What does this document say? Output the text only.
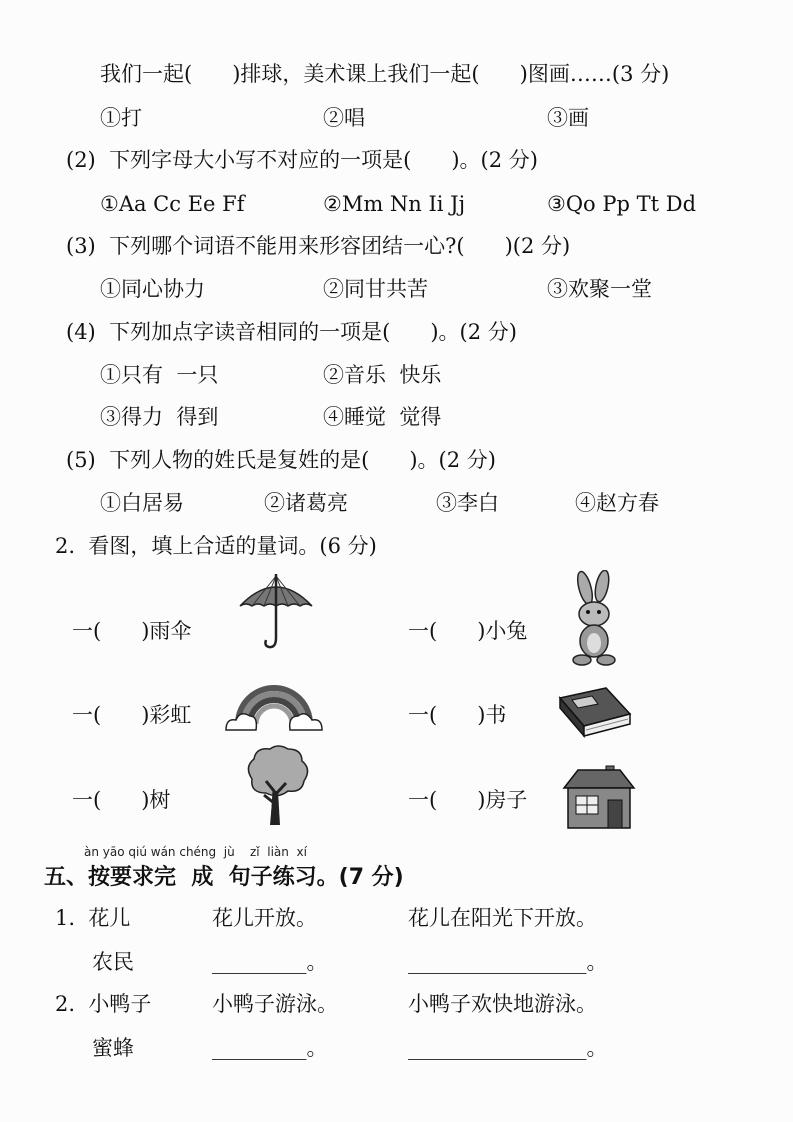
我们一起(      )排球，美术课上我们一起(      )图画……(3 分)
①打	②唱	③画
(2)  下列字母大小写不对应的一项是(      )。(2 分)
①Aa Cc Ee Ff	②Mm Nn Ii Jj	③Qo Pp Tt Dd
(3)  下列哪个词语不能用来形容团结一心?(      )(2 分)
①同心协力	②同甘共苦	③欢聚一堂
(4)  下列加点字读音相同的一项是(      )。(2 分)
①只有  一只	②音乐  快乐
③得力  得到	④睡觉  觉得
(5)  下列人物的姓氏是复姓的是(      )。(2 分)
①白居易	②诸葛亮	③李白	④赵方春
2.  看图，填上合适的量词。(6 分)
一(      )雨伞	一(      )小兔
一(      )彩虹	一(      )书
一(      )树	一(      )房子
àn yāo qiú wán chéng  jù    zǐ  liàn  xí
五、按要求完  成  句子练习。(7 分)
1.  花儿	花儿开放。	花儿在阳光下开放。
农民	_________。	_________________。
2.  小鸭子	小鸭子游泳。	小鸭子欢快地游泳。
蜜蜂	_________。	_________________。
